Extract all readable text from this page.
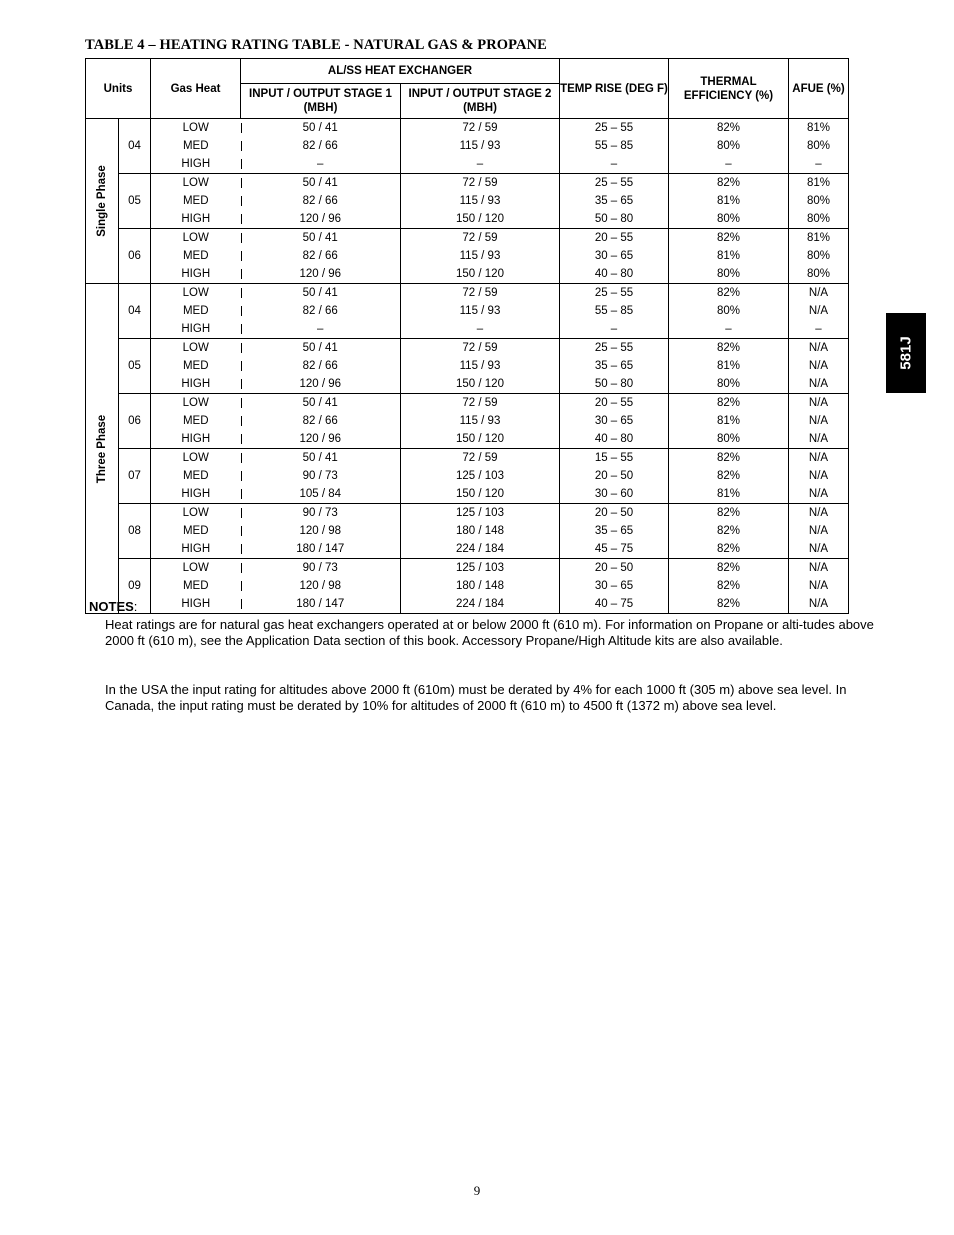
TABLE 4 – HEATING RATING TABLE - NATURAL GAS & PROPANE
Units		Gas Heat	AL/SS HEAT EXCHANGER		TEMP RISE (DEG F)	THERMAL EFFICIENCY (%)	AFUE (%)
			INPUT / OUTPUT STAGE 1 (MBH)	INPUT / OUTPUT STAGE 2 (MBH)			

Single Phase	04	LOW	50 / 41	72 / 59	25 – 55	82%	81%
		MED	82 / 66	115 / 93	55 – 85	80%	80%
		HIGH	–	–	–	–	–
	05	LOW	50 / 41	72 / 59	25 – 55	82%	81%
		MED	82 / 66	115 / 93	35 – 65	81%	80%
		HIGH	120 / 96	150 / 120	50 – 80	80%	80%
	06	LOW	50 / 41	72 / 59	20 – 55	82%	81%
		MED	82 / 66	115 / 93	30 – 65	81%	80%
		HIGH	120 / 96	150 / 120	40 – 80	80%	80%

Three Phase	04	LOW	50 / 41	72 / 59	25 – 55	82%	N/A
		MED	82 / 66	115 / 93	55 – 85	80%	N/A
		HIGH	–	–	–	–	–
	05	LOW	50 / 41	72 / 59	25 – 55	82%	N/A
		MED	82 / 66	115 / 93	35 – 65	81%	N/A
		HIGH	120 / 96	150 / 120	50 – 80	80%	N/A
	06	LOW	50 / 41	72 / 59	20 – 55	82%	N/A
		MED	82 / 66	115 / 93	30 – 65	81%	N/A
		HIGH	120 / 96	150 / 120	40 – 80	80%	N/A
	07	LOW	50 / 41	72 / 59	15 – 55	82%	N/A
		MED	90 / 73	125 / 103	20 – 50	82%	N/A
		HIGH	105 / 84	150 / 120	30 – 60	81%	N/A
	08	LOW	90 / 73	125 / 103	20 – 50	82%	N/A
		MED	120 / 98	180 / 148	35 – 65	82%	N/A
		HIGH	180 / 147	224 / 184	45 – 75	82%	N/A
	09	LOW	90 / 73	125 / 103	20 – 50	82%	N/A
		MED	120 / 98	180 / 148	30 – 65	82%	N/A
		HIGH	180 / 147	224 / 184	40 – 75	82%	N/A
NOTES:
Heat ratings are for natural gas heat exchangers operated at or below 2000 ft (610 m). For information on Propane or alti-tudes above 2000 ft (610 m), see the Application Data section of this book. Accessory Propane/High Altitude kits are also available.
In the USA the input rating for altitudes above 2000 ft (610m) must be derated by 4% for each 1000 ft (305 m) above sea level. In Canada, the input rating must be derated by 10% for altitudes of 2000 ft (610 m) to 4500 ft (1372 m) above sea level.
581J
9
